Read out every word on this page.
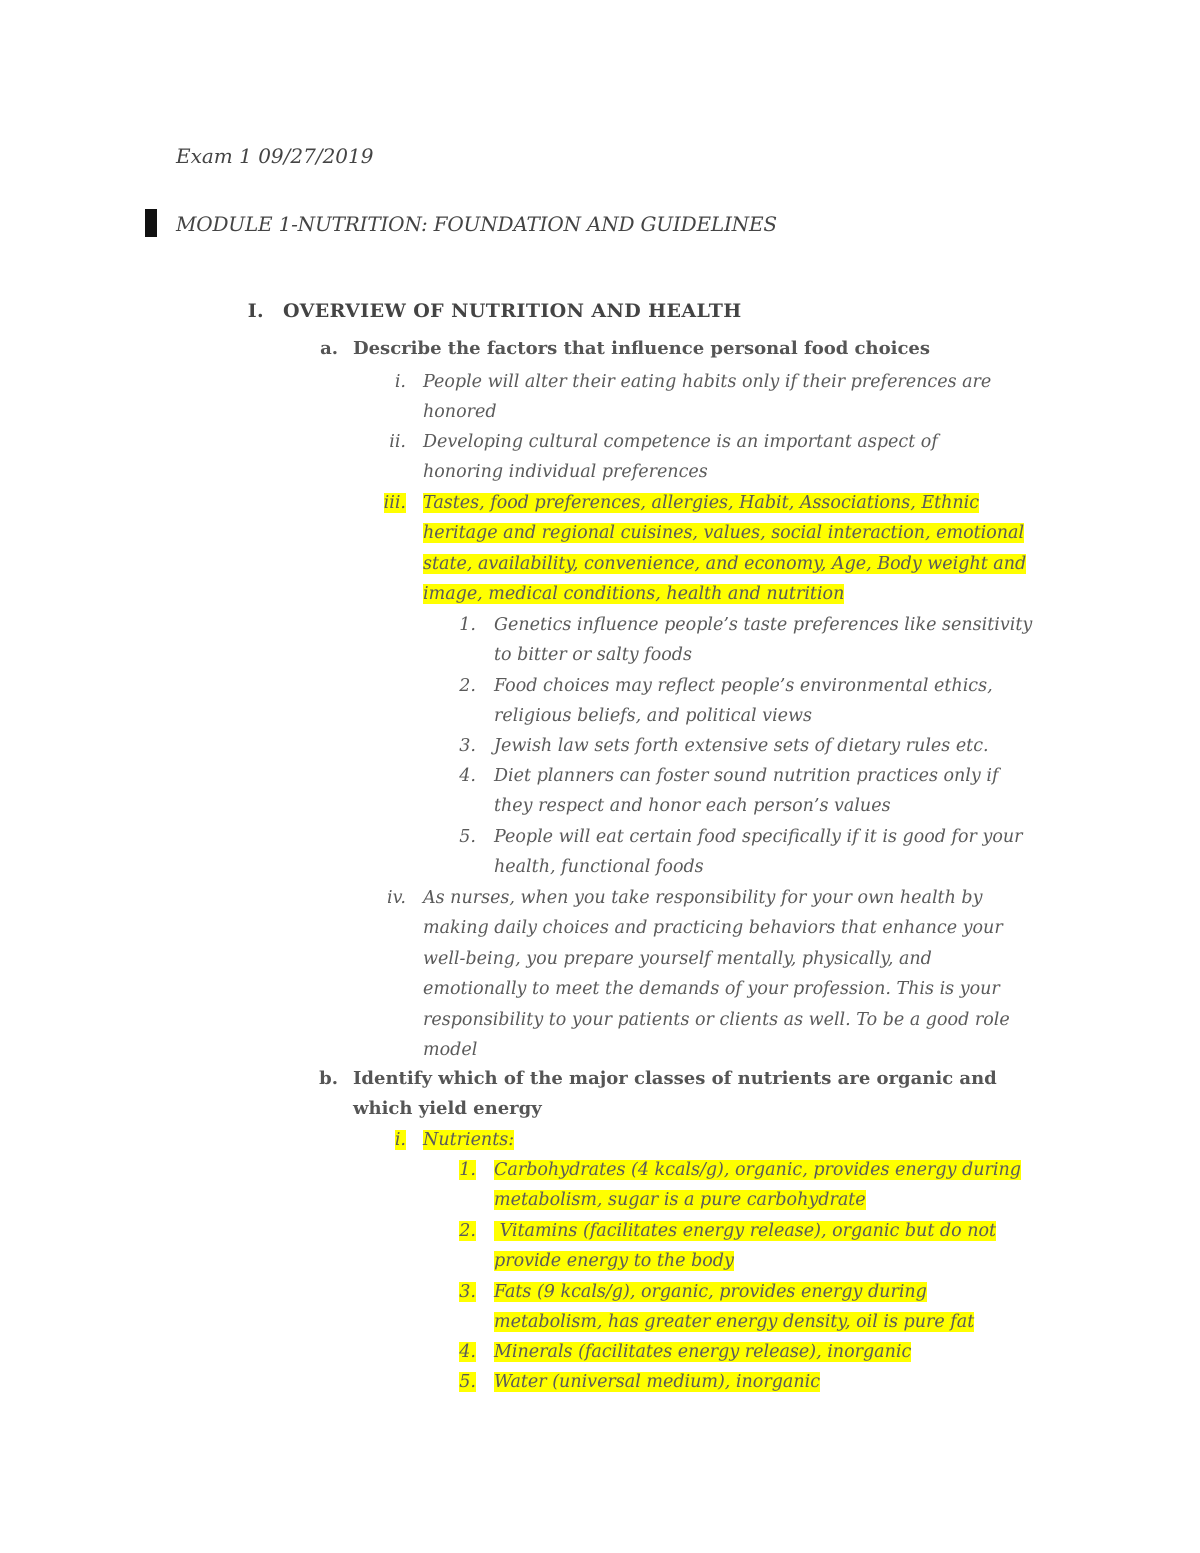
Exam 1 09/27/2019
MODULE 1-NUTRITION: FOUNDATION AND GUIDELINES
I. OVERVIEW OF NUTRITION AND HEALTH
a. Describe the factors that influence personal food choices
i. People will alter their eating habits only if their preferences are
honored
ii. Developing cultural competence is an important aspect of
honoring individual preferences
iii. Tastes, food preferences, allergies, Habit, Associations, Ethnic
heritage and regional cuisines, values, social interaction, emotional
state, availability, convenience, and economy, Age, Body weight and
image, medical conditions, health and nutrition
1. Genetics influence people’s taste preferences like sensitivity
to bitter or salty foods
2. Food choices may reflect people’s environmental ethics,
religious beliefs, and political views
3. Jewish law sets forth extensive sets of dietary rules etc.
4. Diet planners can foster sound nutrition practices only if
they respect and honor each person’s values
5. People will eat certain food specifically if it is good for your
health, functional foods
iv. As nurses, when you take responsibility for your own health by
making daily choices and practicing behaviors that enhance your
well-being, you prepare yourself mentally, physically, and
emotionally to meet the demands of your profession. This is your
responsibility to your patients or clients as well. To be a good role
model
b. Identify which of the major classes of nutrients are organic and
which yield energy
i. Nutrients:
1. Carbohydrates (4 kcals/g), organic, provides energy during
metabolism, sugar is a pure carbohydrate
2. Vitamins (facilitates energy release), organic but do not
provide energy to the body
3. Fats (9 kcals/g), organic, provides energy during
metabolism, has greater energy density, oil is pure fat
4. Minerals (facilitates energy release), inorganic
5. Water (universal medium), inorganic
